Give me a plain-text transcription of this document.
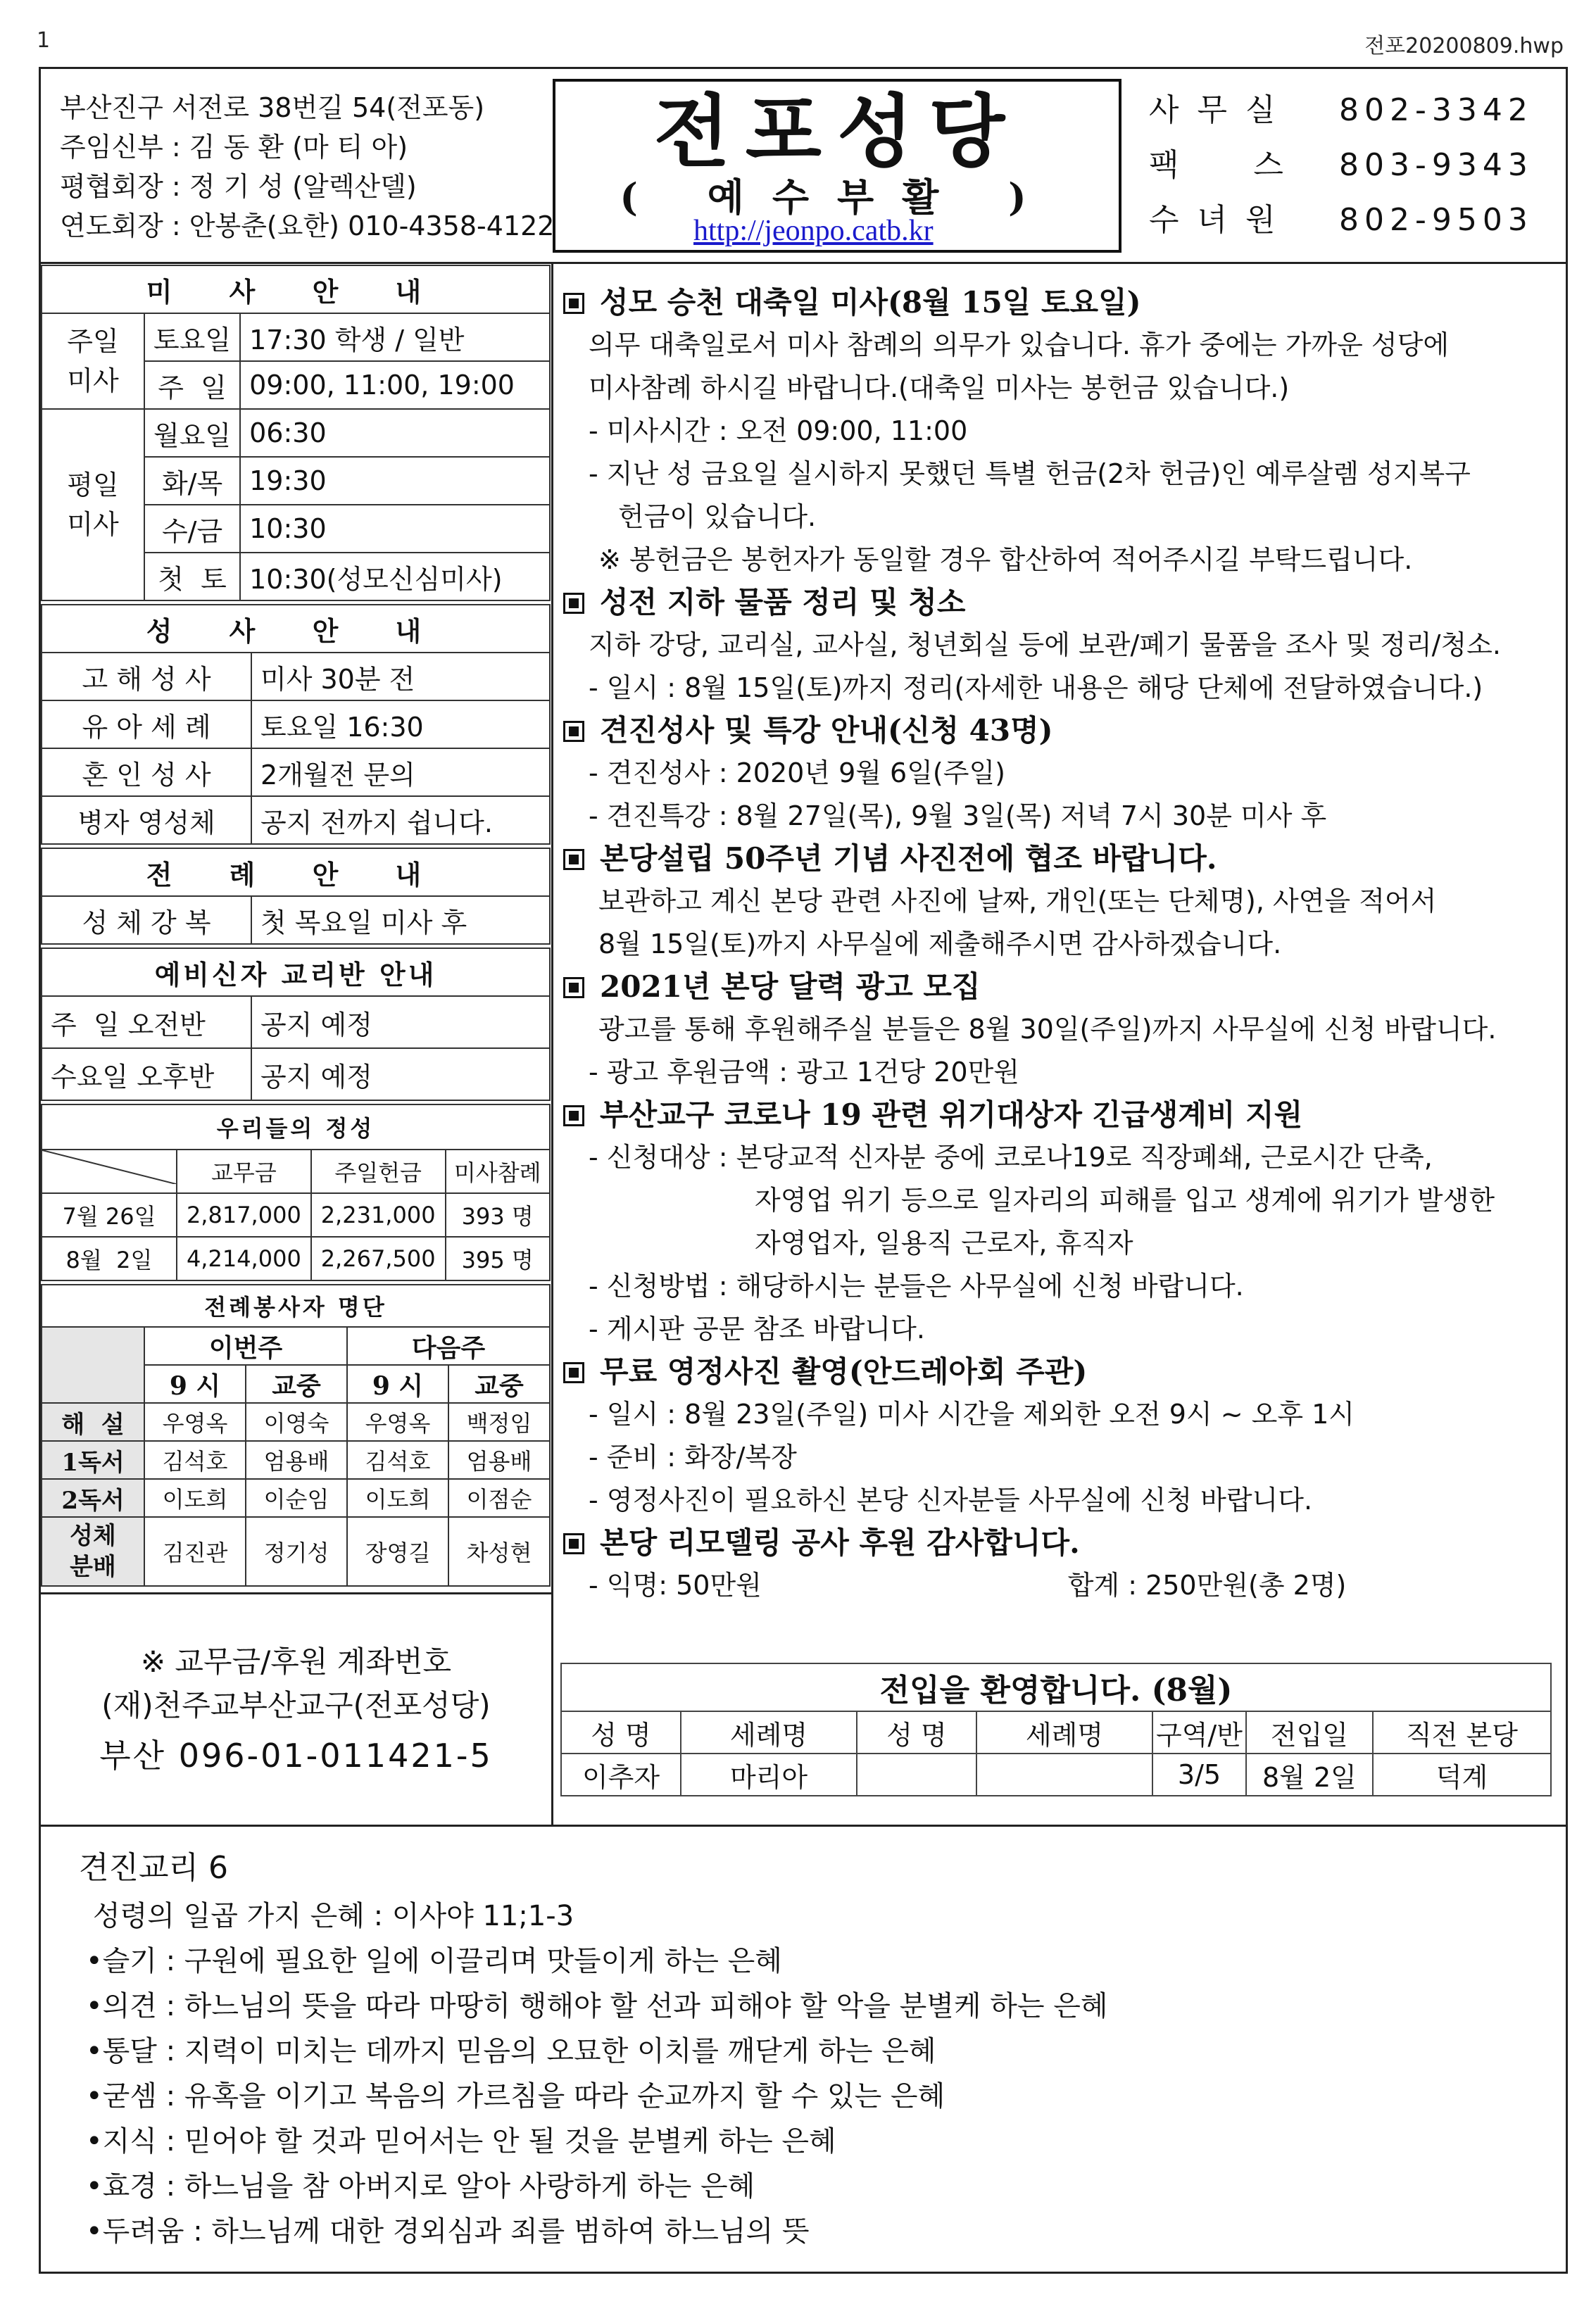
1	전포20200809.hwp
부산진구 서전로 38번길 54(전포동)
주임신부 : 김 동 환 (마 티 아)
평협회장 : 정 기 성 (알렉산델)
연도회장 : 안봉춘(요한) 010-4358-4122
전포성당
( 예수부활 )
http://jeonpo.catb.kr
사 무 실 802-3342
팩     스 803-9343
수 녀 원 802-9503
미 사 안 내		
주일
미사	토요일	17:30 학생 / 일반
	주  일	09:00, 11:00, 19:00
평일
미사	월요일	06:30
	화/목	19:30
	수/금	10:30
	첫  토	10:30(성모신심미사)
성 사 안 내	
고 해 성 사	미사 30분 전
유 아 세 례	토요일 16:30
혼 인 성 사	2개월전 문의
병자 영성체	공지 전까지 쉽니다.
전 례 안 내
성 체 강 복	첫 목요일 미사 후
예비신자 교리반 안내	
주  일 오전반	공지 예정
수요일 오후반	공지 예정
우리들의 정성			

	교무금	주일헌금	미사참례
7월 26일	2,817,000	2,231,000	393 명
8월  2일	4,214,000	2,267,500	395 명
전례봉사자 명단				
	이번주		다음주	
	9 시	교중	9 시	교중
해  설	우영옥	이영숙	우영옥	백정임
1독서	김석호	엄용배	김석호	엄용배
2독서	이도희	이순임	이도희	이점순
성체
분배	김진관	정기성	장영길	차성현
※ 교무금/후원 계좌번호
(재)천주교부산교구(전포성당)
부산 096-01-011421-5
성모 승천 대축일 미사(8월 15일 토요일)
의무 대축일로서 미사 참례의 의무가 있습니다. 휴가 중에는 가까운 성당에
미사참례 하시길 바랍니다.(대축일 미사는 봉헌금 있습니다.)
- 미사시간 : 오전 09:00, 11:00
- 지난 성 금요일 실시하지 못했던 특별 헌금(2차 헌금)인 예루살렘 성지복구
헌금이 있습니다.
※ 봉헌금은 봉헌자가 동일할 경우 합산하여 적어주시길 부탁드립니다.
성전 지하 물품 정리 및 청소
지하 강당, 교리실, 교사실, 청년회실 등에 보관/폐기 물품을 조사 및 정리/청소.
- 일시 : 8월 15일(토)까지 정리(자세한 내용은 해당 단체에 전달하였습니다.)
견진성사 및 특강 안내(신청 43명)
- 견진성사 : 2020년 9월 6일(주일)
- 견진특강 : 8월 27일(목), 9월 3일(목) 저녁 7시 30분 미사 후
본당설립 50주년 기념 사진전에 협조 바랍니다.
보관하고 계신 본당 관련 사진에 날짜, 개인(또는 단체명), 사연을 적어서
8월 15일(토)까지 사무실에 제출해주시면 감사하겠습니다.
2021년 본당 달력 광고 모집
광고를 통해 후원해주실 분들은 8월 30일(주일)까지 사무실에 신청 바랍니다.
- 광고 후원금액 : 광고 1건당 20만원
부산교구 코로나 19 관련 위기대상자 긴급생계비 지원
- 신청대상 : 본당교적 신자분 중에 코로나19로 직장폐쇄, 근로시간 단축,
자영업 위기 등으로 일자리의 피해를 입고 생계에 위기가 발생한
자영업자, 일용직 근로자, 휴직자
- 신청방법 : 해당하시는 분들은 사무실에 신청 바랍니다.
- 게시판 공문 참조 바랍니다.
무료 영정사진 촬영(안드레아회 주관)
- 일시 : 8월 23일(주일) 미사 시간을 제외한 오전 9시 ~ 오후 1시
- 준비 : 화장/복장
- 영정사진이 필요하신 본당 신자분들 사무실에 신청 바랍니다.
본당 리모델링 공사 후원 감사합니다.
- 익명: 50만원                                    합계 : 250만원(총 2명)
전입을 환영합니다. (8월)						
성 명	세례명	성 명	세례명	구역/반	전입일	직전 본당
이추자	마리아			3/5	8월 2일	덕계
견진교리 6
성령의 일곱 가지 은혜 : 이사야 11;1-3
•슬기 : 구원에 필요한 일에 이끌리며 맛들이게 하는 은혜
•의견 : 하느님의 뜻을 따라 마땅히 행해야 할 선과 피해야 할 악을 분별케 하는 은혜
•통달 : 지력이 미치는 데까지 믿음의 오묘한 이치를 깨닫게 하는 은혜
•굳셈 : 유혹을 이기고 복음의 가르침을 따라 순교까지 할 수 있는 은혜
•지식 : 믿어야 할 것과 믿어서는 안 될 것을 분별케 하는 은혜
•효경 : 하느님을 참 아버지로 알아 사랑하게 하는 은혜
•두려움 : 하느님께 대한 경외심과 죄를 범하여 하느님의 뜻
